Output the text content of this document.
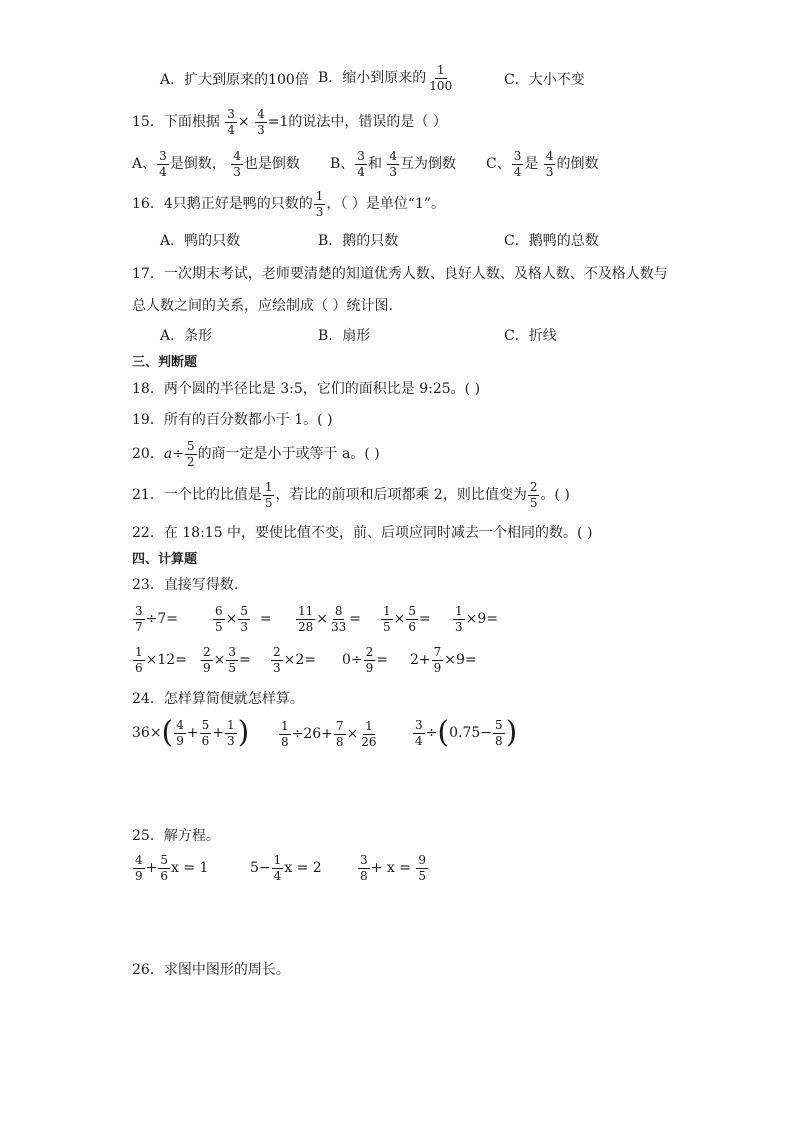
A．扩大到原来的100倍 B．缩小到原来的 $\frac{1}{100}$	C．大小不变
15．下面根据 $\frac{3}{4} \times \frac{4}{3} =1$的说法中，错误的是（ ）
A、 $\frac{3}{4}$ 是倒数， $\frac{4}{3}$ 也是倒数 B、 $\frac{3}{4}$ 和 $\frac{4}{3}$ 互为倒数 C、 $\frac{3}{4}$ 是 $\frac{4}{3}$ 的倒数
16．4只鹅正好是鸭的只数的 $\frac{1}{3}$ ，（ ）是单位“1”。
A．鸭的只数	B．鹅的只数	C．鹅鸭的总数
17．一次期末考试，老师要清楚的知道优秀人数、良好人数、及格人数、不及格人数与
总人数之间的关系，应绘制成（ ）统计图.
A．条形	B．扇形	C．折线
三、判断题
18．两个圆的半径比是 3:5，它们的面积比是 9:25。( )
19．所有的百分数都小于 1。( )
20．$a\div \frac{5}{2}$ 的商一定是小于或等于 a。( )
21．一个比的比值是 $\frac{1}{5}$ ，若比的前项和后项都乘 2，则比值变为 $\frac{2}{5}$ 。( )
22．在 18:15 中，要使比值不变，前、后项应同时减去一个相同的数。( )
四、计算题
23．直接写得数.
$\frac{3}{7} \div 7=$	$\frac{6}{5} \times \frac{5}{3} = \frac{11}{28} \times \frac{8}{33} = \frac{1}{5} \times \frac{5}{6} = \frac{1}{3} \times 9=$
$\frac{1}{6} \times 12= \frac{2}{9} \times \frac{3}{5} = \frac{2}{3} \times 2= 0\div \frac{2}{9} = 2+ \frac{7}{9} \times 9=$
24．怎样算简便就怎样算。
$36\times( \frac{4}{9} + \frac{5}{6} + \frac{1}{3}$ ) $\frac{1}{8} \div 26+ \frac{7}{8} \times \frac{1}{26}$	$\frac{3}{4} \div(0.75- \frac{5}{8}$ )
25．解方程。
$\frac{4}{9} + \frac{5}{6}$ x = 1	$5- \frac{1}{4}$ x = 2	$\frac{3}{8} + x = \frac{9}{5}$
26．求图中图形的周长。
